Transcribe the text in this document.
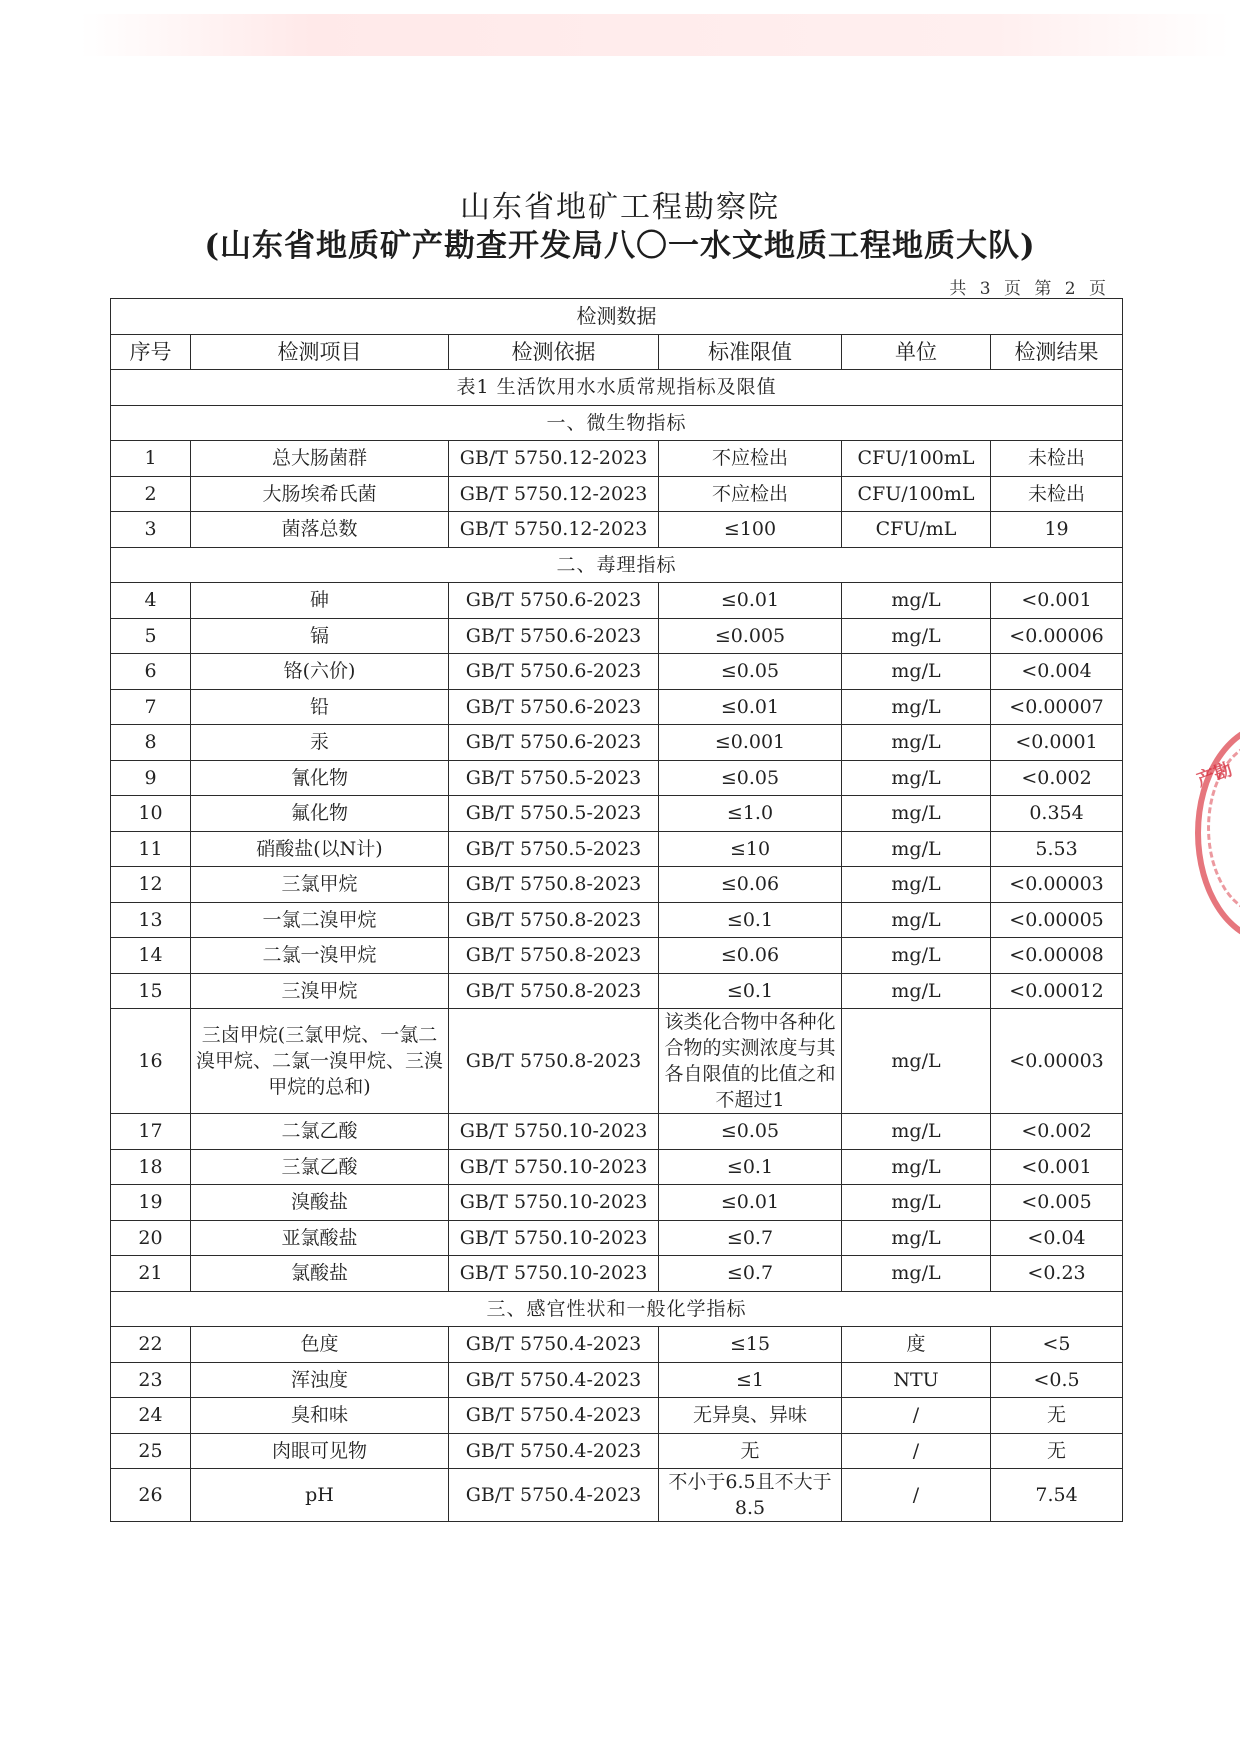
山东省地矿工程勘察院
(山东省地质矿产勘查开发局八〇一水文地质工程地质大队)
共 3 页 第 2 页
检测数据					
序号	检测项目	检测依据	标准限值	单位	检测结果
表1 生活饮用水水质常规指标及限值					
一、微生物指标					
1	总大肠菌群	GB/T 5750.12-2023	不应检出	CFU/100mL	未检出
2	大肠埃希氏菌	GB/T 5750.12-2023	不应检出	CFU/100mL	未检出
3	菌落总数	GB/T 5750.12-2023	≤100	CFU/mL	19
二、毒理指标					
4	砷	GB/T 5750.6-2023	≤0.01	mg/L	<0.001
5	镉	GB/T 5750.6-2023	≤0.005	mg/L	<0.00006
6	铬(六价)	GB/T 5750.6-2023	≤0.05	mg/L	<0.004
7	铅	GB/T 5750.6-2023	≤0.01	mg/L	<0.00007
8	汞	GB/T 5750.6-2023	≤0.001	mg/L	<0.0001
9	氰化物	GB/T 5750.5-2023	≤0.05	mg/L	<0.002
10	氟化物	GB/T 5750.5-2023	≤1.0	mg/L	0.354
11	硝酸盐(以N计)	GB/T 5750.5-2023	≤10	mg/L	5.53
12	三氯甲烷	GB/T 5750.8-2023	≤0.06	mg/L	<0.00003
13	一氯二溴甲烷	GB/T 5750.8-2023	≤0.1	mg/L	<0.00005
14	二氯一溴甲烷	GB/T 5750.8-2023	≤0.06	mg/L	<0.00008
15	三溴甲烷	GB/T 5750.8-2023	≤0.1	mg/L	<0.00012
16	三卤甲烷(三氯甲烷、一氯二溴甲烷、二氯一溴甲烷、三溴甲烷的总和)	GB/T 5750.8-2023	该类化合物中各种化合物的实测浓度与其各自限值的比值之和不超过1	mg/L	<0.00003
17	二氯乙酸	GB/T 5750.10-2023	≤0.05	mg/L	<0.002
18	三氯乙酸	GB/T 5750.10-2023	≤0.1	mg/L	<0.001
19	溴酸盐	GB/T 5750.10-2023	≤0.01	mg/L	<0.005
20	亚氯酸盐	GB/T 5750.10-2023	≤0.7	mg/L	<0.04
21	氯酸盐	GB/T 5750.10-2023	≤0.7	mg/L	<0.23
三、感官性状和一般化学指标					
22	色度	GB/T 5750.4-2023	≤15	度	<5
23	浑浊度	GB/T 5750.4-2023	≤1	NTU	<0.5
24	臭和味	GB/T 5750.4-2023	无异臭、异味	/	无
25	肉眼可见物	GB/T 5750.4-2023	无	/	无
26	pH	GB/T 5750.4-2023	不小于6.5且不大于8.5	/	7.54
产勘
